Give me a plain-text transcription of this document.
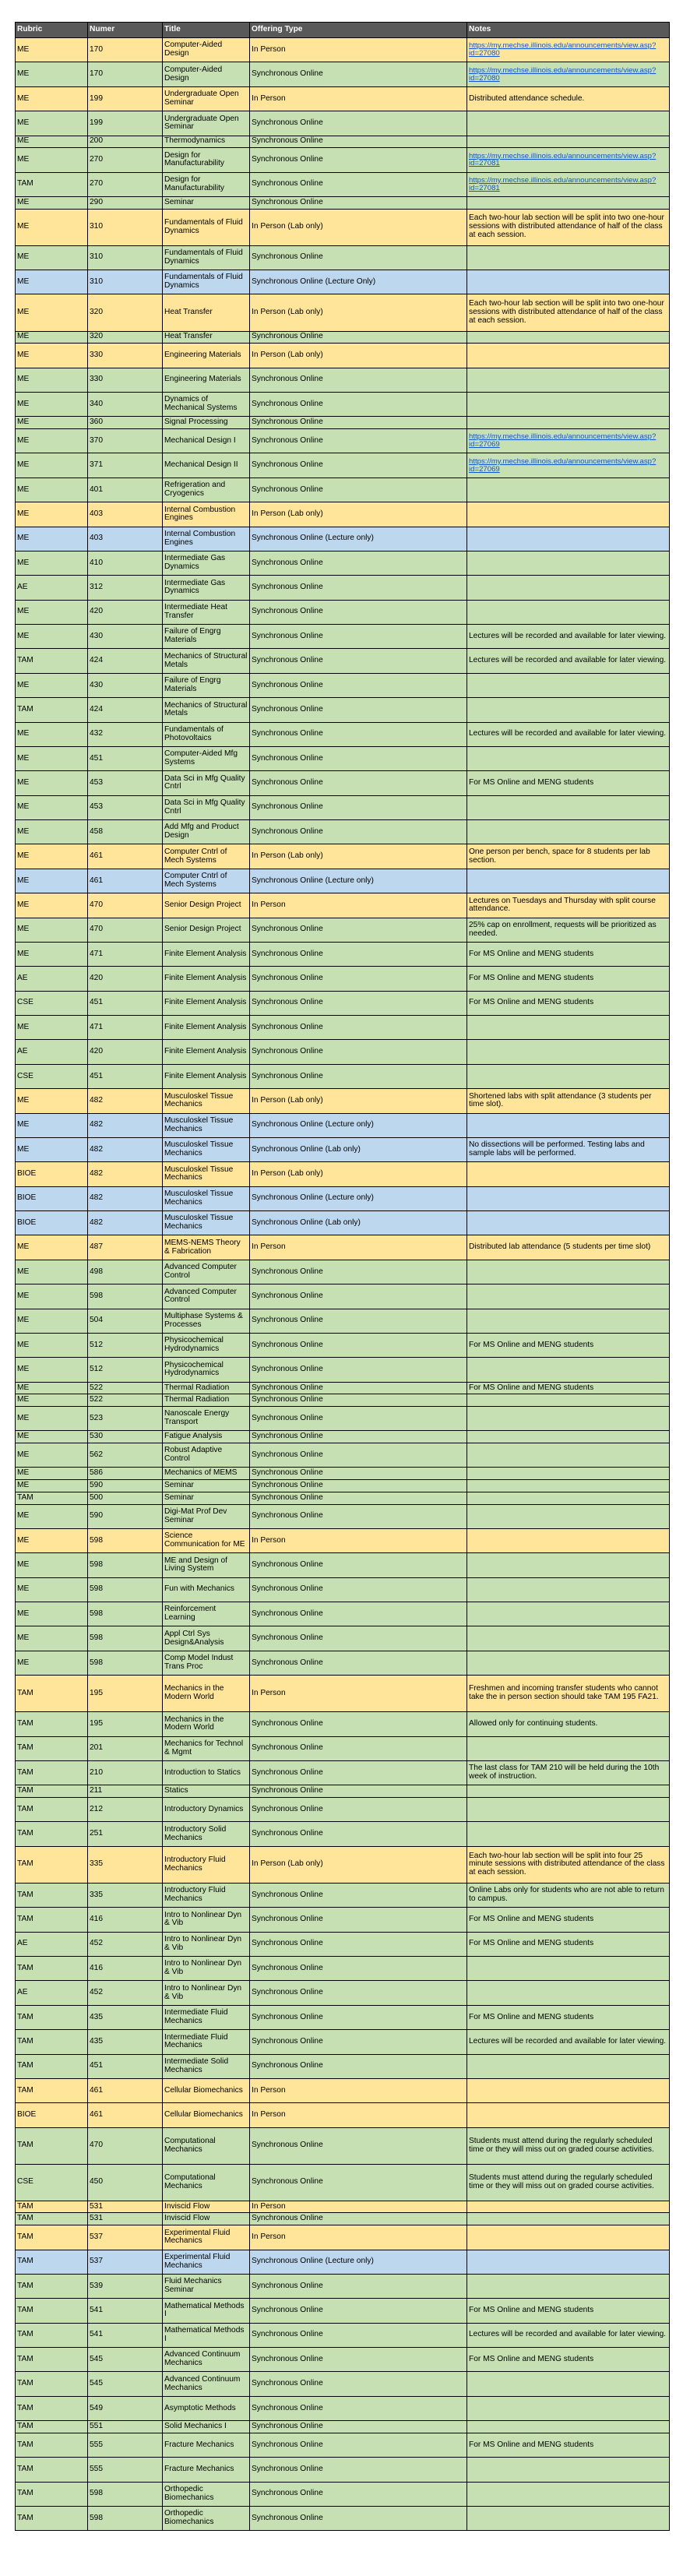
Rubric	Numer	Title	Offering Type	Notes
ME	170	Computer-Aided Design	In Person	https://my.mechse.illinois.edu/announcements/view.asp?id=27080
ME	170	Computer-Aided Design	Synchronous Online	https://my.mechse.illinois.edu/announcements/view.asp?id=27080
ME	199	Undergraduate Open Seminar	In Person	Distributed attendance schedule.
ME	199	Undergraduate Open Seminar	Synchronous Online	
ME	200	Thermodynamics	Synchronous Online	
ME	270	Design for Manufacturability	Synchronous Online	https://my.mechse.illinois.edu/announcements/view.asp?id=27081
TAM	270	Design for Manufacturability	Synchronous Online	https://my.mechse.illinois.edu/announcements/view.asp?id=27081
ME	290	Seminar	Synchronous Online	
ME	310	Fundamentals of Fluid Dynamics	In Person (Lab only)	Each two-hour lab section will be split into two one-hour sessions with distributed attendance of half of the class at each session.
ME	310	Fundamentals of Fluid Dynamics	Synchronous Online	
ME	310	Fundamentals of Fluid Dynamics	Synchronous Online (Lecture Only)	
ME	320	Heat Transfer	In Person (Lab only)	Each two-hour lab section will be split into two one-hour sessions with distributed attendance of half of the class at each session.
ME	320	Heat Transfer	Synchronous Online	
ME	330	Engineering Materials	In Person (Lab only)	
ME	330	Engineering Materials	Synchronous Online	
ME	340	Dynamics of Mechanical Systems	Synchronous Online	
ME	360	Signal Processing	Synchronous Online	
ME	370	Mechanical Design I	Synchronous Online	https://my.mechse.illinois.edu/announcements/view.asp?id=27069
ME	371	Mechanical Design II	Synchronous Online	https://my.mechse.illinois.edu/announcements/view.asp?id=27069
ME	401	Refrigeration and Cryogenics	Synchronous Online	
ME	403	Internal Combustion Engines	In Person (Lab only)	
ME	403	Internal Combustion Engines	Synchronous Online (Lecture only)	
ME	410	Intermediate Gas Dynamics	Synchronous Online	
AE	312	Intermediate Gas Dynamics	Synchronous Online	
ME	420	Intermediate Heat Transfer	Synchronous Online	
ME	430	Failure of Engrg Materials	Synchronous Online	Lectures will be recorded and available for later viewing.
TAM	424	Mechanics of Structural Metals	Synchronous Online	Lectures will be recorded and available for later viewing.
ME	430	Failure of Engrg Materials	Synchronous Online	
TAM	424	Mechanics of Structural Metals	Synchronous Online	
ME	432	Fundamentals of Photovoltaics	Synchronous Online	Lectures will be recorded and available for later viewing.
ME	451	Computer-Aided Mfg Systems	Synchronous Online	
ME	453	Data Sci in Mfg Quality Cntrl	Synchronous Online	For MS Online and MENG students
ME	453	Data Sci in Mfg Quality Cntrl	Synchronous Online	
ME	458	Add Mfg and Product Design	Synchronous Online	
ME	461	Computer Cntrl of Mech Systems	In Person (Lab only)	One person per bench, space for 8 students per lab section.
ME	461	Computer Cntrl of Mech Systems	Synchronous Online (Lecture only)	
ME	470	Senior Design Project	In Person	Lectures on Tuesdays and Thursday with split course attendance.
ME	470	Senior Design Project	Synchronous Online	25% cap on enrollment, requests will be prioritized as needed.
ME	471	Finite Element Analysis	Synchronous Online	For MS Online and MENG students
AE	420	Finite Element Analysis	Synchronous Online	For MS Online and MENG students
CSE	451	Finite Element Analysis	Synchronous Online	For MS Online and MENG students
ME	471	Finite Element Analysis	Synchronous Online	
AE	420	Finite Element Analysis	Synchronous Online	
CSE	451	Finite Element Analysis	Synchronous Online	
ME	482	Musculoskel Tissue Mechanics	In Person (Lab only)	Shortened labs with split attendance (3 students per time slot).
ME	482	Musculoskel Tissue Mechanics	Synchronous Online (Lecture only)	
ME	482	Musculoskel Tissue Mechanics	Synchronous Online (Lab only)	No dissections will be performed. Testing labs and sample labs will be performed.
BIOE	482	Musculoskel Tissue Mechanics	In Person (Lab only)	
BIOE	482	Musculoskel Tissue Mechanics	Synchronous Online (Lecture only)	
BIOE	482	Musculoskel Tissue Mechanics	Synchronous Online (Lab only)	
ME	487	MEMS-NEMS Theory & Fabrication	In Person	Distributed lab attendance (5 students per time slot)
ME	498	Advanced Computer Control	Synchronous Online	
ME	598	Advanced Computer Control	Synchronous Online	
ME	504	Multiphase Systems & Processes	Synchronous Online	
ME	512	Physicochemical Hydrodynamics	Synchronous Online	For MS Online and MENG students
ME	512	Physicochemical Hydrodynamics	Synchronous Online	
ME	522	Thermal Radiation	Synchronous Online	For MS Online and MENG students
ME	522	Thermal Radiation	Synchronous Online	
ME	523	Nanoscale Energy Transport	Synchronous Online	
ME	530	Fatigue Analysis	Synchronous Online	
ME	562	Robust Adaptive Control	Synchronous Online	
ME	586	Mechanics of MEMS	Synchronous Online	
ME	590	Seminar	Synchronous Online	
TAM	500	Seminar	Synchronous Online	
ME	590	Digi-Mat Prof Dev Seminar	Synchronous Online	
ME	598	Science Communication for ME	In Person	
ME	598	ME and Design of Living System	Synchronous Online	
ME	598	Fun with Mechanics	Synchronous Online	
ME	598	Reinforcement Learning	Synchronous Online	
ME	598	Appl Ctrl Sys Design&Analysis	Synchronous Online	
ME	598	Comp Model Indust Trans Proc	Synchronous Online	
TAM	195	Mechanics in the Modern World	In Person	Freshmen and incoming transfer students who cannot take the in person section should take TAM 195 FA21.
TAM	195	Mechanics in the Modern World	Synchronous Online	Allowed only for continuing students.
TAM	201	Mechanics for Technol & Mgmt	Synchronous Online	
TAM	210	Introduction to Statics	Synchronous Online	The last class for TAM 210 will be held during the 10th week of instruction.
TAM	211	Statics	Synchronous Online	
TAM	212	Introductory Dynamics	Synchronous Online	
TAM	251	Introductory Solid Mechanics	Synchronous Online	
TAM	335	Introductory Fluid Mechanics	In Person (Lab only)	Each two-hour lab section will be split into four 25 minute sessions with distributed attendance of the class at each session.
TAM	335	Introductory Fluid Mechanics	Synchronous Online	Online Labs only for students who are not able to return to campus.
TAM	416	Intro to Nonlinear Dyn & Vib	Synchronous Online	For MS Online and MENG students
AE	452	Intro to Nonlinear Dyn & Vib	Synchronous Online	For MS Online and MENG students
TAM	416	Intro to Nonlinear Dyn & Vib	Synchronous Online	
AE	452	Intro to Nonlinear Dyn & Vib	Synchronous Online	
TAM	435	Intermediate Fluid Mechanics	Synchronous Online	For MS Online and MENG students
TAM	435	Intermediate Fluid Mechanics	Synchronous Online	Lectures will be recorded and available for later viewing.
TAM	451	Intermediate Solid Mechanics	Synchronous Online	
TAM	461	Cellular Biomechanics	In Person	
BIOE	461	Cellular Biomechanics	In Person	
TAM	470	Computational Mechanics	Synchronous Online	Students must attend during the regularly scheduled time or they will miss out on graded course activities.
CSE	450	Computational Mechanics	Synchronous Online	Students must attend during the regularly scheduled time or they will miss out on graded course activities.
TAM	531	Inviscid Flow	In Person	
TAM	531	Inviscid Flow	Synchronous Online	
TAM	537	Experimental Fluid Mechanics	In Person	
TAM	537	Experimental Fluid Mechanics	Synchronous Online (Lecture only)	
TAM	539	Fluid Mechanics Seminar	Synchronous Online	
TAM	541	Mathematical Methods I	Synchronous Online	For MS Online and MENG students
TAM	541	Mathematical Methods I	Synchronous Online	Lectures will be recorded and available for later viewing.
TAM	545	Advanced Continuum Mechanics	Synchronous Online	For MS Online and MENG students
TAM	545	Advanced Continuum Mechanics	Synchronous Online	
TAM	549	Asymptotic Methods	Synchronous Online	
TAM	551	Solid Mechanics I	Synchronous Online	
TAM	555	Fracture Mechanics	Synchronous Online	For MS Online and MENG students
TAM	555	Fracture Mechanics	Synchronous Online	
TAM	598	Orthopedic Biomechanics	Synchronous Online	
TAM	598	Orthopedic Biomechanics	Synchronous Online	
